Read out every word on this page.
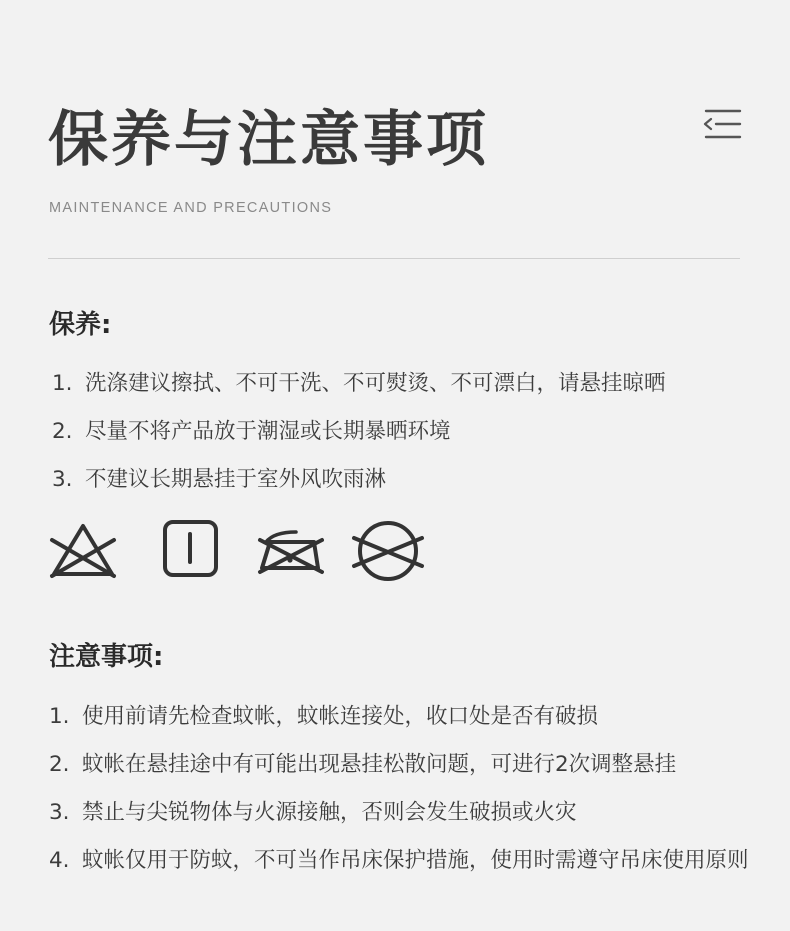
保养与注意事项
MAINTENANCE AND PRECAUTIONS
保养:
1. 洗涤建议擦拭、不可干洗、不可熨烫、不可漂白，请悬挂晾晒
2. 尽量不将产品放于潮湿或长期暴晒环境
3. 不建议长期悬挂于室外风吹雨淋
注意事项:
1. 使用前请先检查蚊帐，蚊帐连接处，收口处是否有破损
2. 蚊帐在悬挂途中有可能出现悬挂松散问题，可进行2次调整悬挂
3. 禁止与尖锐物体与火源接触，否则会发生破损或火灾
4. 蚊帐仅用于防蚊，不可当作吊床保护措施，使用时需遵守吊床使用原则
